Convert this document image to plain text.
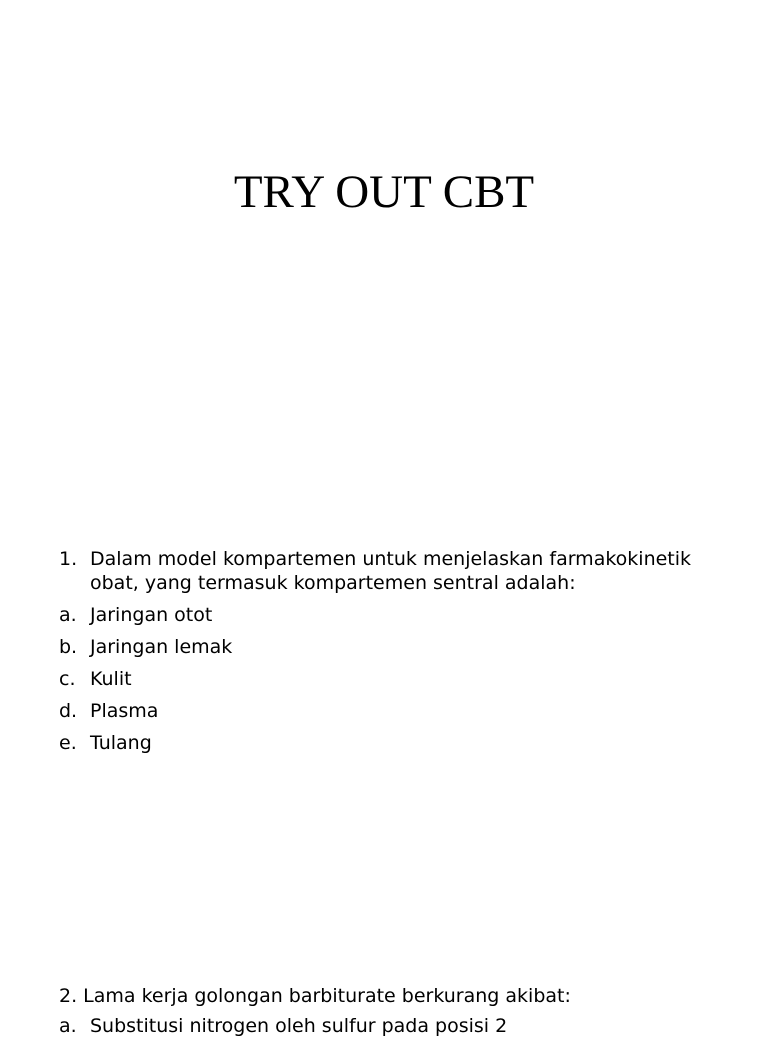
TRY OUT CBT
1. Dalam model kompartemen untuk menjelaskan farmakokinetik obat, yang termasuk kompartemen sentral adalah:
a. Jaringan otot
b. Jaringan lemak
c. Kulit
d. Plasma
e. Tulang
2. Lama kerja golongan barbiturate berkurang akibat:
a. Substitusi nitrogen oleh sulfur pada posisi 2
